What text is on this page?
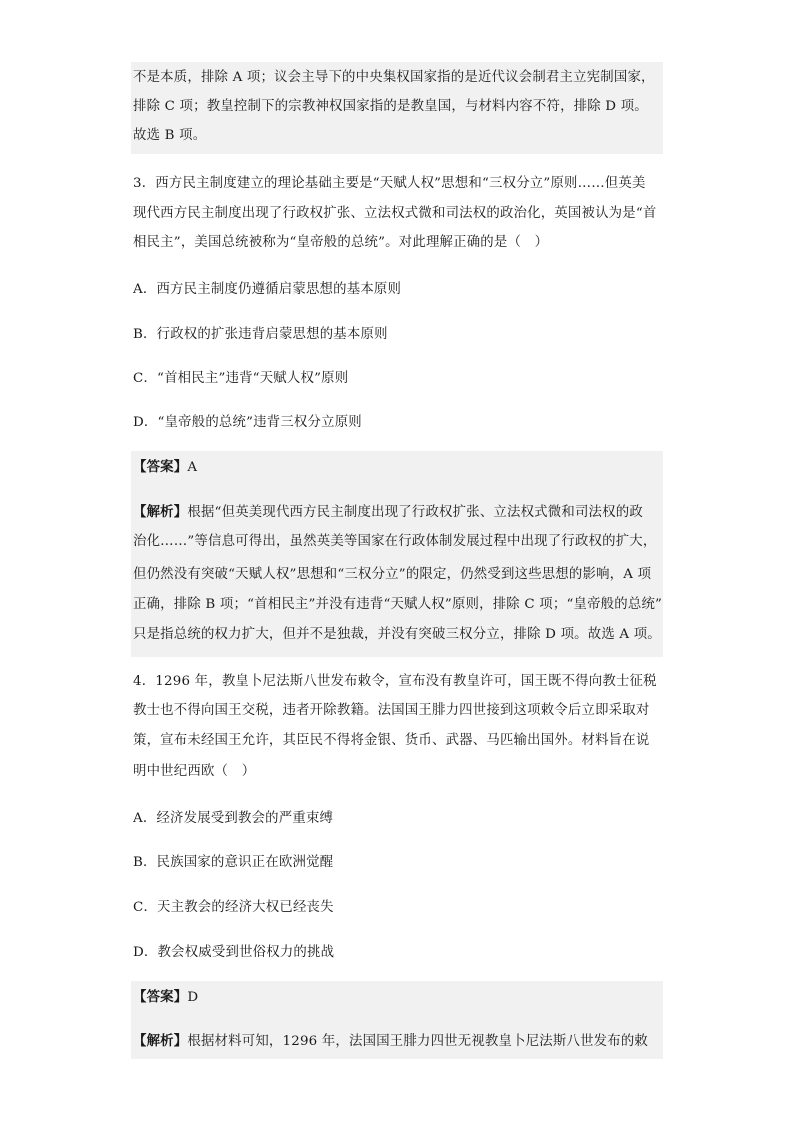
不是本质，排除 A 项；议会主导下的中央集权国家指的是近代议会制君主立宪制国家，
排除 C 项；教皇控制下的宗教神权国家指的是教皇国，与材料内容不符，排除 D 项。
故选 B 项。
3．西方民主制度建立的理论基础主要是“天赋人权”思想和“三权分立”原则……但英美
现代西方民主制度出现了行政权扩张、立法权式微和司法权的政治化，英国被认为是“首
相民主”，美国总统被称为“皇帝般的总统”。对此理解正确的是（　）
A．西方民主制度仍遵循启蒙思想的基本原则
B．行政权的扩张违背启蒙思想的基本原则
C．“首相民主”违背“天赋人权”原则
D．“皇帝般的总统”违背三权分立原则
【答案】A
【解析】根据“但英美现代西方民主制度出现了行政权扩张、立法权式微和司法权的政
治化……”等信息可得出，虽然英美等国家在行政体制发展过程中出现了行政权的扩大，
但仍然没有突破“天赋人权”思想和“三权分立”的限定，仍然受到这些思想的影响，A 项
正确，排除 B 项；“首相民主”并没有违背“天赋人权”原则，排除 C 项；“皇帝般的总统”
只是指总统的权力扩大，但并不是独裁，并没有突破三权分立，排除 D 项。故选 A 项。
4．1296 年，教皇卜尼法斯八世发布敕令，宣布没有教皇许可，国王既不得向教士征税
教士也不得向国王交税，违者开除教籍。法国国王腓力四世接到这项敕令后立即采取对
策，宣布未经国王允许，其臣民不得将金银、货币、武器、马匹输出国外。材料旨在说
明中世纪西欧（　）
A．经济发展受到教会的严重束缚
B．民族国家的意识正在欧洲觉醒
C．天主教会的经济大权已经丧失
D．教会权威受到世俗权力的挑战
【答案】D
【解析】根据材料可知，1296 年，法国国王腓力四世无视教皇卜尼法斯八世发布的敕
